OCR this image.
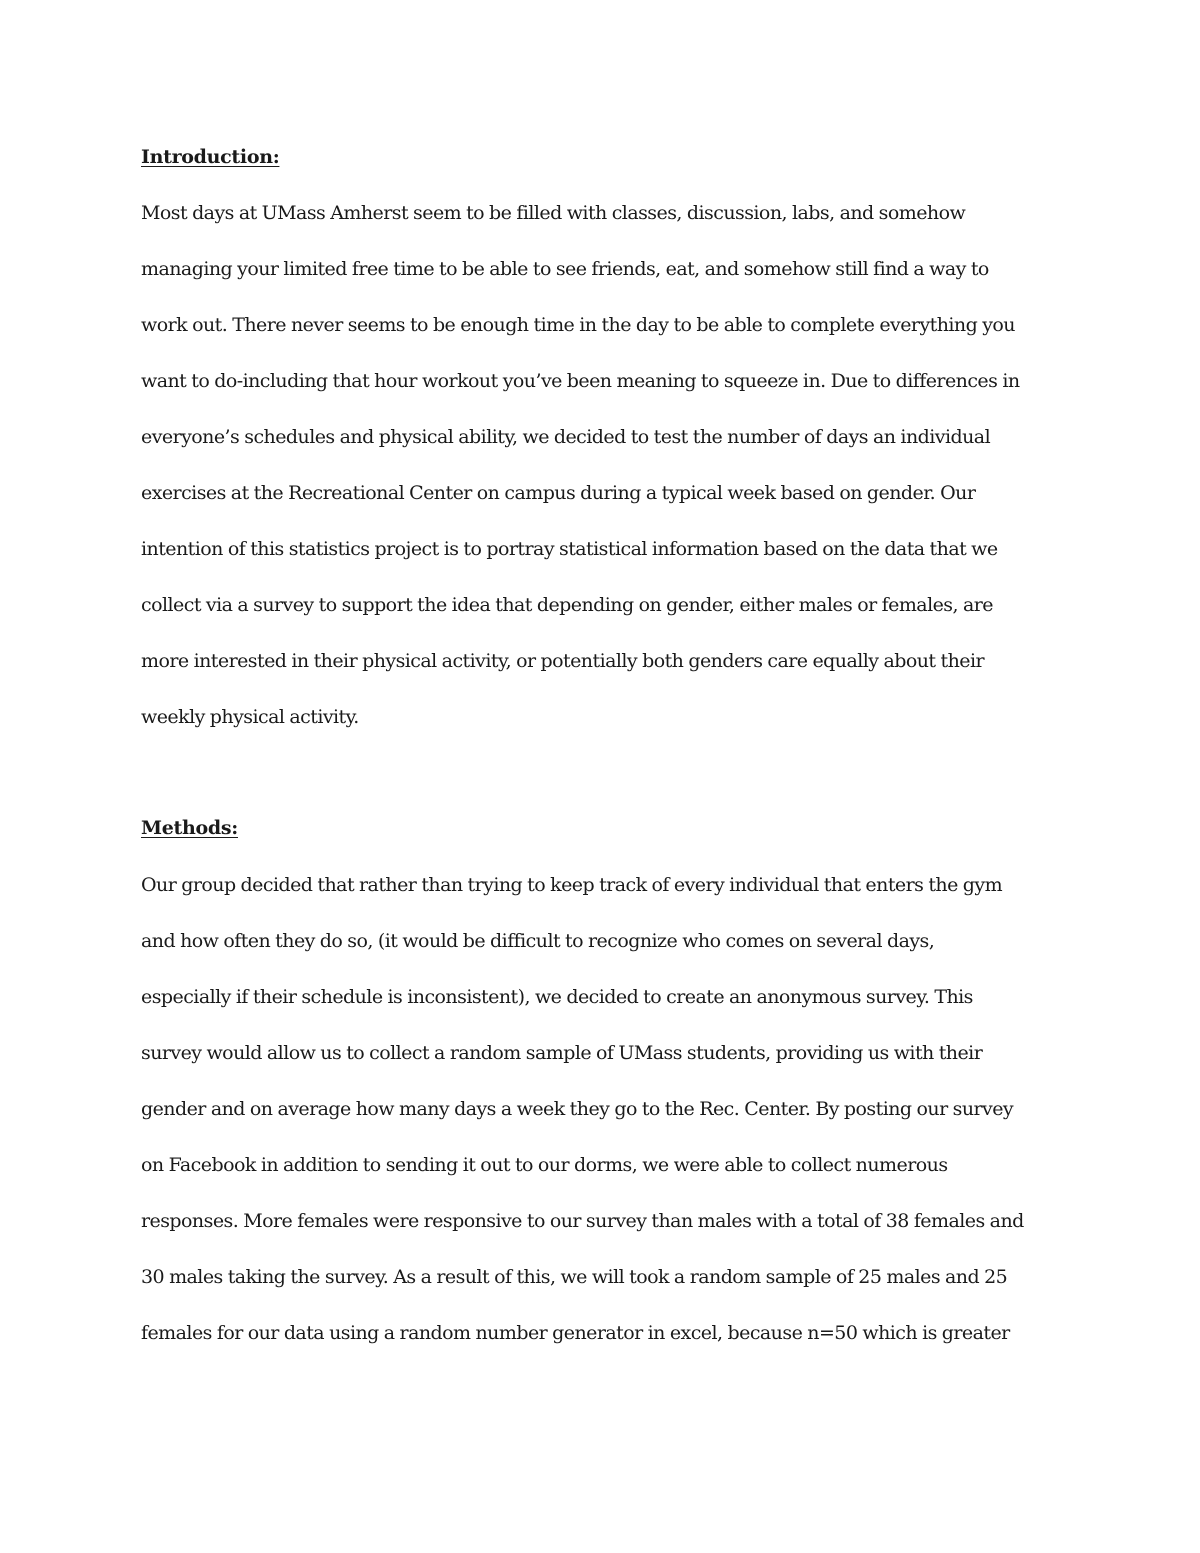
Introduction:
Most days at UMass Amherst seem to be filled with classes, discussion, labs, and somehow
managing your limited free time to be able to see friends, eat, and somehow still find a way to
work out. There never seems to be enough time in the day to be able to complete everything you
want to do-including that hour workout you’ve been meaning to squeeze in. Due to differences in
everyone’s schedules and physical ability, we decided to test the number of days an individual
exercises at the Recreational Center on campus during a typical week based on gender. Our
intention of this statistics project is to portray statistical information based on the data that we
collect via a survey to support the idea that depending on gender, either males or females, are
more interested in their physical activity, or potentially both genders care equally about their
weekly physical activity.
Methods:
Our group decided that rather than trying to keep track of every individual that enters the gym
and how often they do so, (it would be difficult to recognize who comes on several days,
especially if their schedule is inconsistent), we decided to create an anonymous survey. This
survey would allow us to collect a random sample of UMass students, providing us with their
gender and on average how many days a week they go to the Rec. Center. By posting our survey
on Facebook in addition to sending it out to our dorms, we were able to collect numerous
responses. More females were responsive to our survey than males with a total of 38 females and
30 males taking the survey. As a result of this, we will took a random sample of 25 males and 25
females for our data using a random number generator in excel, because n=50 which is greater
